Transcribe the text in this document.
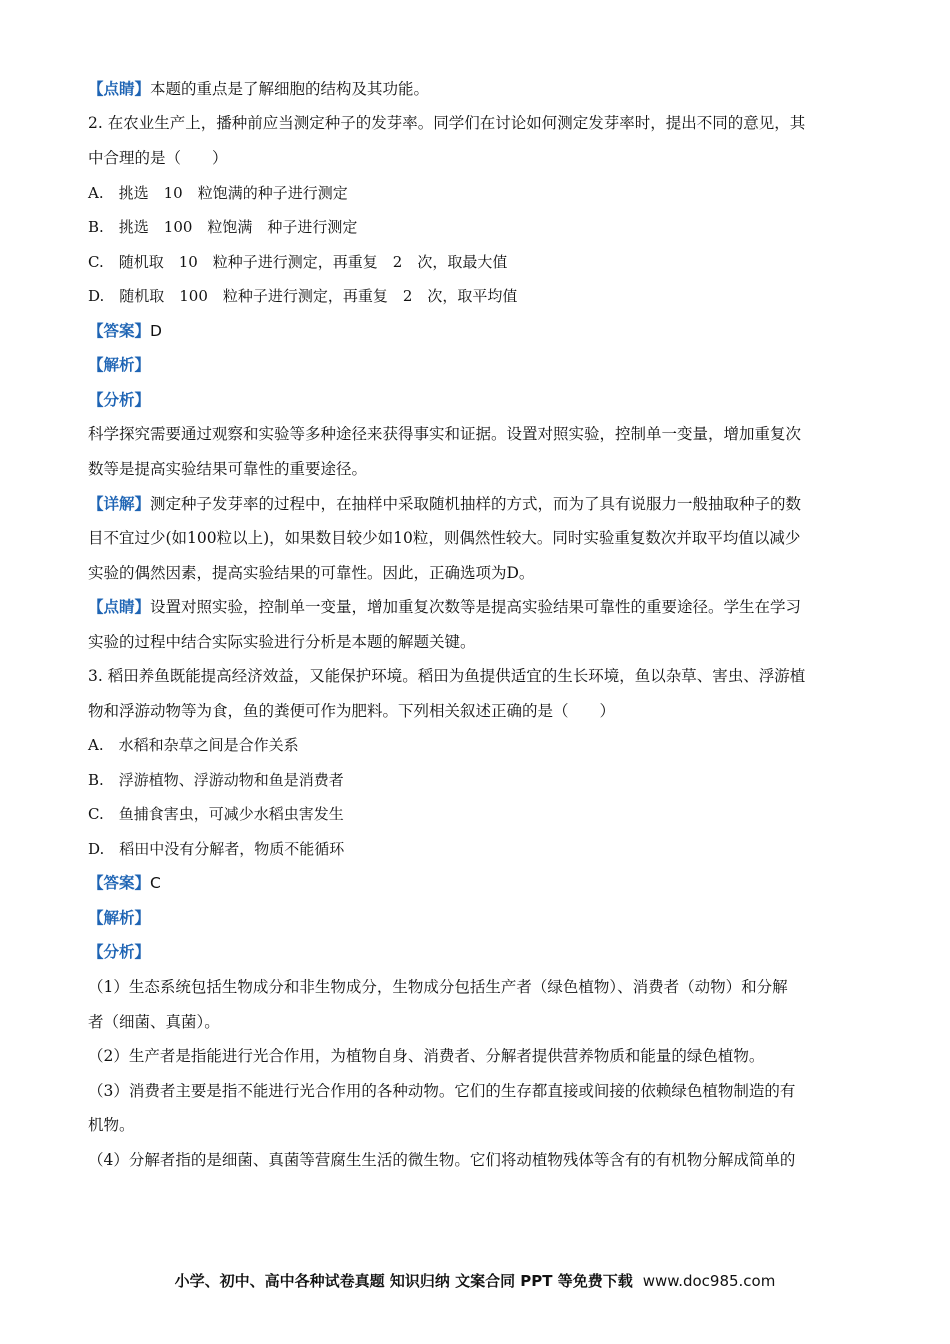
【点睛】本题的重点是了解细胞的结构及其功能。
2. 在农业生产上，播种前应当测定种子的发芽率。同学们在讨论如何测定发芽率时，提出不同的意见，其
中合理的是（　　）
A.　挑选　10　粒饱满的种子进行测定
B.　挑选　100　粒饱满　种子进行测定
C.　随机取　10　粒种子进行测定，再重复　2　次，取最大值
D.　随机取　100　粒种子进行测定，再重复　2　次，取平均值
【答案】D
【解析】
【分析】
科学探究需要通过观察和实验等多种途径来获得事实和证据。设置对照实验，控制单一变量，增加重复次
数等是提高实验结果可靠性的重要途径。
【详解】测定种子发芽率的过程中，在抽样中采取随机抽样的方式，而为了具有说服力一般抽取种子的数
目不宜过少(如100粒以上)，如果数目较少如10粒，则偶然性较大。同时实验重复数次并取平均值以减少
实验的偶然因素，提高实验结果的可靠性。因此，正确选项为D。
【点睛】设置对照实验，控制单一变量，增加重复次数等是提高实验结果可靠性的重要途径。学生在学习
实验的过程中结合实际实验进行分析是本题的解题关键。
3. 稻田养鱼既能提高经济效益，又能保护环境。稻田为鱼提供适宜的生长环境，鱼以杂草、害虫、浮游植
物和浮游动物等为食，鱼的粪便可作为肥料。下列相关叙述正确的是（　　）
A.　水稻和杂草之间是合作关系
B.　浮游植物、浮游动物和鱼是消费者
C.　鱼捕食害虫，可减少水稻虫害发生
D.　稻田中没有分解者，物质不能循环
【答案】C
【解析】
【分析】
（1）生态系统包括生物成分和非生物成分，生物成分包括生产者（绿色植物）、消费者（动物）和分解
者（细菌、真菌）。
（2）生产者是指能进行光合作用，为植物自身、消费者、分解者提供营养物质和能量的绿色植物。
（3）消费者主要是指不能进行光合作用的各种动物。它们的生存都直接或间接的依赖绿色植物制造的有
机物。
（4）分解者指的是细菌、真菌等营腐生生活的微生物。它们将动植物残体等含有的有机物分解成简单的
小学、初中、高中各种试卷真题 知识归纳 文案合同 PPT 等免费下载 www.doc985.com
